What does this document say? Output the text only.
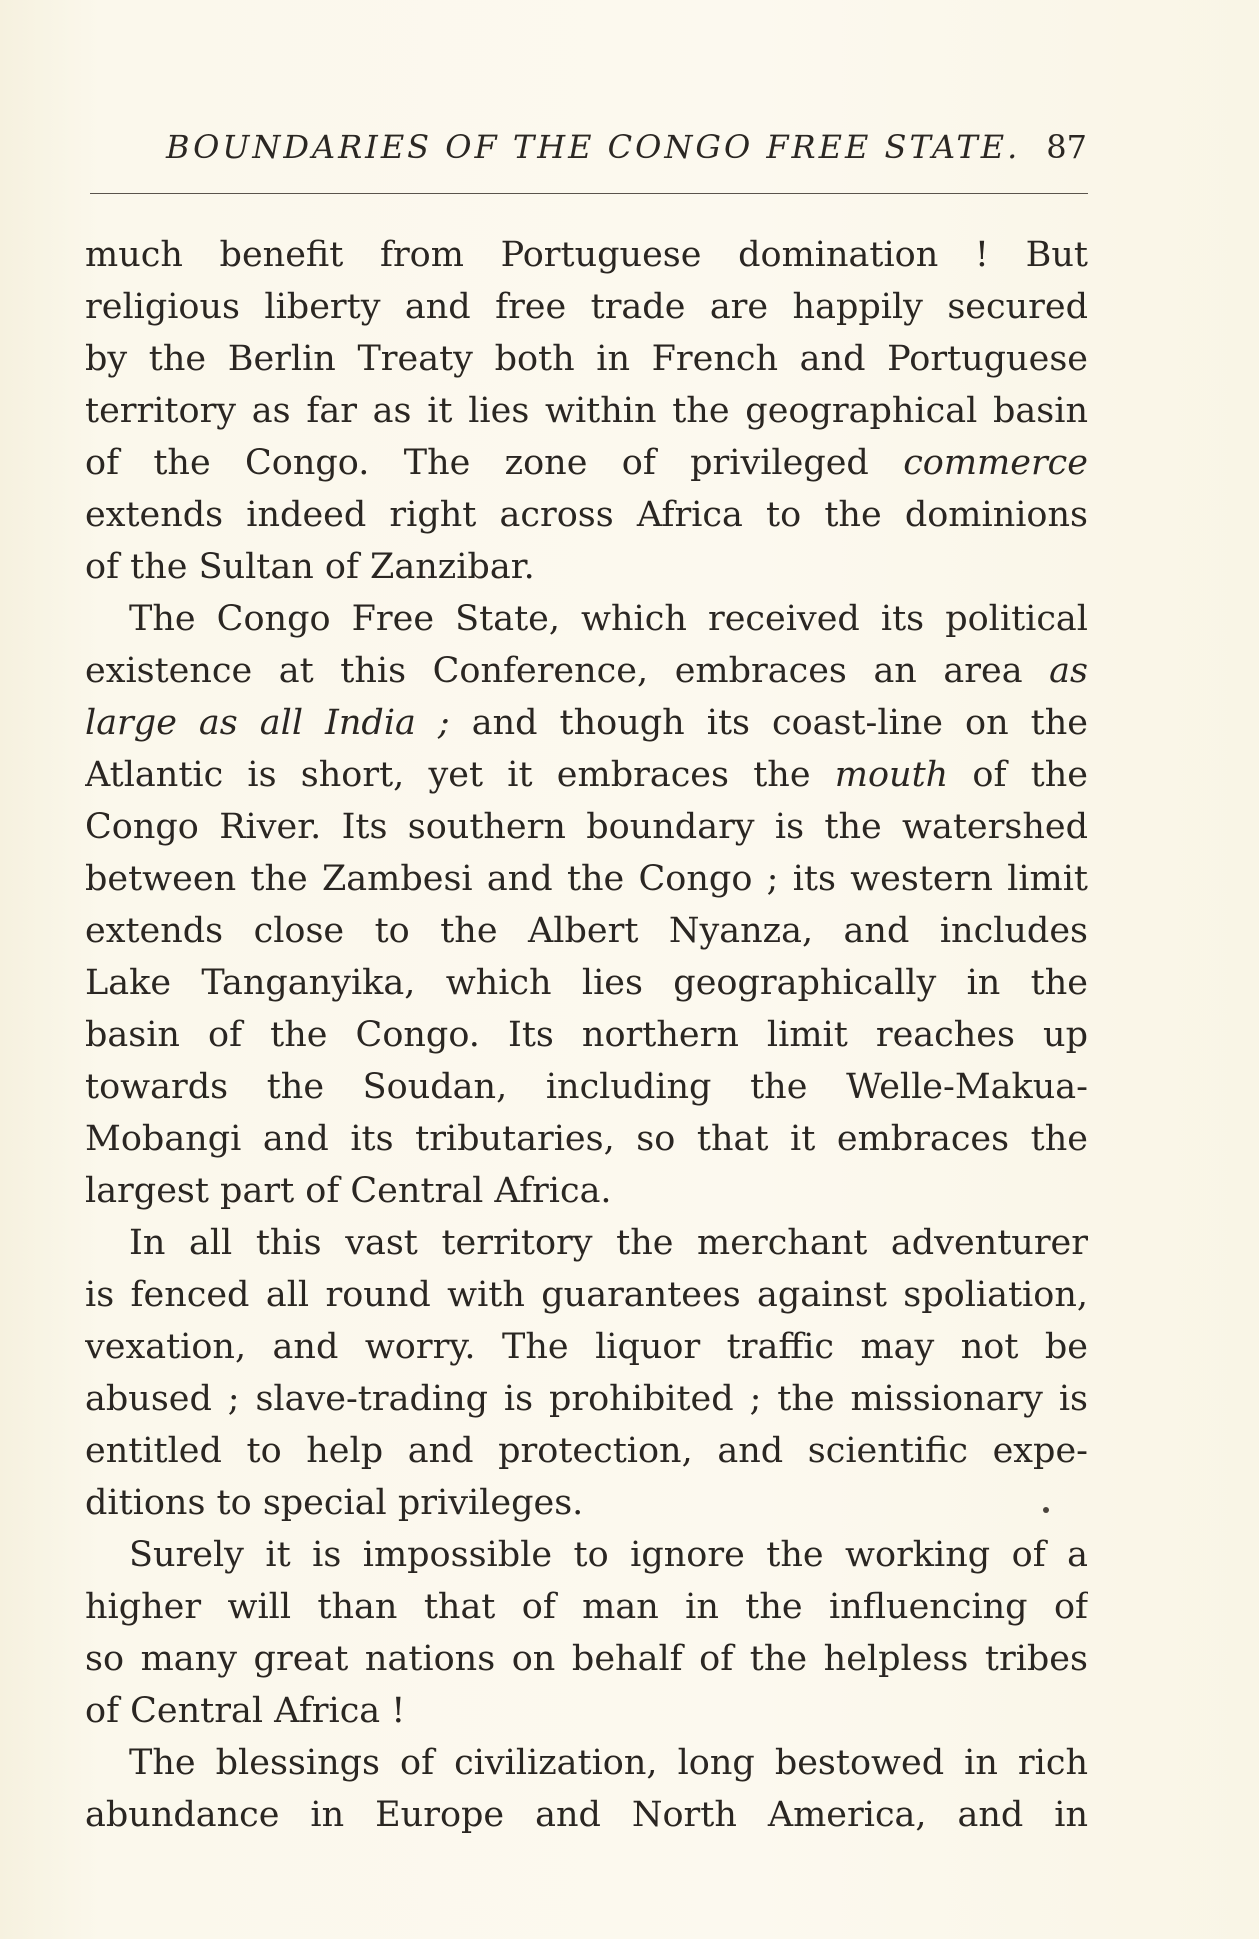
BOUNDARIES OF THE CONGO FREE STATE. 87
much benefit from Portuguese domination ! But
religious liberty and free trade are happily secured
by the Berlin Treaty both in French and Portuguese
territory as far as it lies within the geographical basin
of the Congo. The zone of privileged commerce
extends indeed right across Africa to the dominions
of the Sultan of Zanzibar.
The Congo Free State, which received its political
existence at this Conference, embraces an area as
large as all India ; and though its coast-line on the
Atlantic is short, yet it embraces the mouth of the
Congo River. Its southern boundary is the watershed
between the Zambesi and the Congo ; its western limit
extends close to the Albert Nyanza, and includes
Lake Tanganyika, which lies geographically in the
basin of the Congo. Its northern limit reaches up
towards the Soudan, including the Welle-Makua-
Mobangi and its tributaries, so that it embraces the
largest part of Central Africa.
In all this vast territory the merchant adventurer
is fenced all round with guarantees against spoliation,
vexation, and worry. The liquor traffic may not be
abused ; slave-trading is prohibited ; the missionary is
entitled to help and protection, and scientific expe-
ditions to special privileges.
Surely it is impossible to ignore the working of a
higher will than that of man in the influencing of
so many great nations on behalf of the helpless tribes
of Central Africa !
The blessings of civilization, long bestowed in rich
abundance in Europe and North America, and in
